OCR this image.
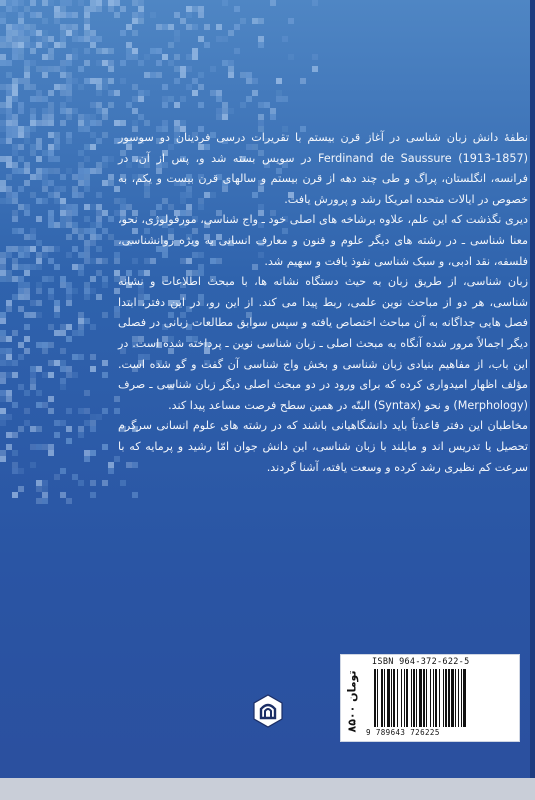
نطفهٔ دانش زبان شناسی در آغاز قرن بیستم با تقریرات درسی فردینان دو سوسور (1857-1913) Ferdinand de Saussure در سویس بسته شد و، پس از آن، در فرانسه، انگلستان، پراگ و طی چند دهه از قرن بیستم و سالهای قرن بیست و یکم، به خصوص در ایالات متحده امریکا رشد و پرورش یافت.

دیری نگذشت که این علم، علاوه برشاخه های اصلی خود ـ واج شناسی، مورفولوژی، نحو، معنا شناسی ـ در رشته های دیگر علوم و فنون و معارف انسانی به ویژه روانشناسی، فلسفه، نقد ادبی، و سبک شناسی نفوذ یافت و سهیم شد.

زبان شناسی، از طریق زبان به حیث دستگاه نشانه ها، با مبحث اطلاعات و نشانه شناسی، هر دو از مباحث نوین علمی، ربط پیدا می کند. از این رو، در این دفتر، ابتدا فصل هایی جداگانه به آن مباحث اختصاص یافته و سپس سوابق مطالعات زبانی در فصلی دیگر اجمالاً مرور شده آنگاه به مبحث اصلی ـ زبان شناسی نوین ـ پرداخته شده است. در این باب، از مفاهیم بنیادی زبان شناسی و بخش واج شناسی آن گفت و گو شده است. مؤلف اظهار امیدواری کرده که برای ورود در دو مبحث اصلی دیگر زبان شناسی ـ صرف (Merphology) و نحو (Syntax) البتّه در همین سطح فرصت مساعد پیدا کند.

مخاطبان این دفتر قاعدتاً باید دانشگاهیانی باشند که در رشته های علوم انسانی سرگرم تحصیل یا تدریس اند و مایلند با زبان شناسی، این دانش جوان امّا رشید و پرمایه که با سرعت کم نظیری رشد کرده و وسعت یافته، آشنا گردند.

ISBN 964-372-622-5
9 789643 726225
۸۵۰۰ تومان
